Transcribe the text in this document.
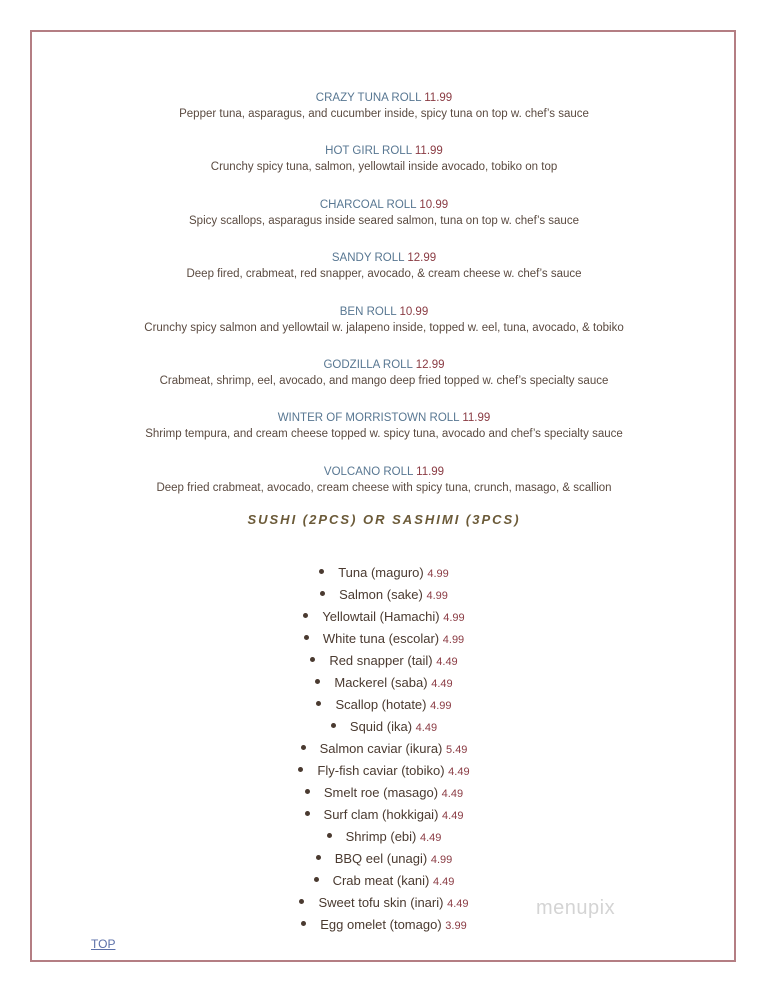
CRAZY TUNA ROLL 11.99
Pepper tuna, asparagus, and cucumber inside, spicy tuna on top w. chef’s sauce
HOT GIRL ROLL 11.99
Crunchy spicy tuna, salmon, yellowtail inside avocado, tobiko on top
CHARCOAL ROLL 10.99
Spicy scallops, asparagus inside seared salmon, tuna on top w. chef’s sauce
SANDY ROLL 12.99
Deep fired, crabmeat, red snapper, avocado, & cream cheese w. chef’s sauce
BEN ROLL 10.99
Crunchy spicy salmon and yellowtail w. jalapeno inside, topped w. eel, tuna, avocado, & tobiko
GODZILLA ROLL 12.99
Crabmeat, shrimp, eel, avocado, and mango deep fried topped w. chef’s specialty sauce
WINTER OF MORRISTOWN ROLL 11.99
Shrimp tempura, and cream cheese topped w. spicy tuna, avocado and chef’s specialty sauce
VOLCANO ROLL 11.99
Deep fried crabmeat, avocado, cream cheese with spicy tuna, crunch, masago, & scallion
SUSHI (2PCS) OR SASHIMI (3PCS)
Tuna (maguro) 4.99
Salmon (sake) 4.99
Yellowtail (Hamachi) 4.99
White tuna (escolar) 4.99
Red snapper (tail) 4.49
Mackerel (saba) 4.49
Scallop (hotate) 4.99
Squid (ika) 4.49
Salmon caviar (ikura) 5.49
Fly-fish caviar (tobiko) 4.49
Smelt roe (masago) 4.49
Surf clam (hokkigai) 4.49
Shrimp (ebi) 4.49
BBQ eel (unagi) 4.99
Crab meat (kani) 4.49
Sweet tofu skin (inari) 4.49
Egg omelet (tomago) 3.99
TOP
menupix
